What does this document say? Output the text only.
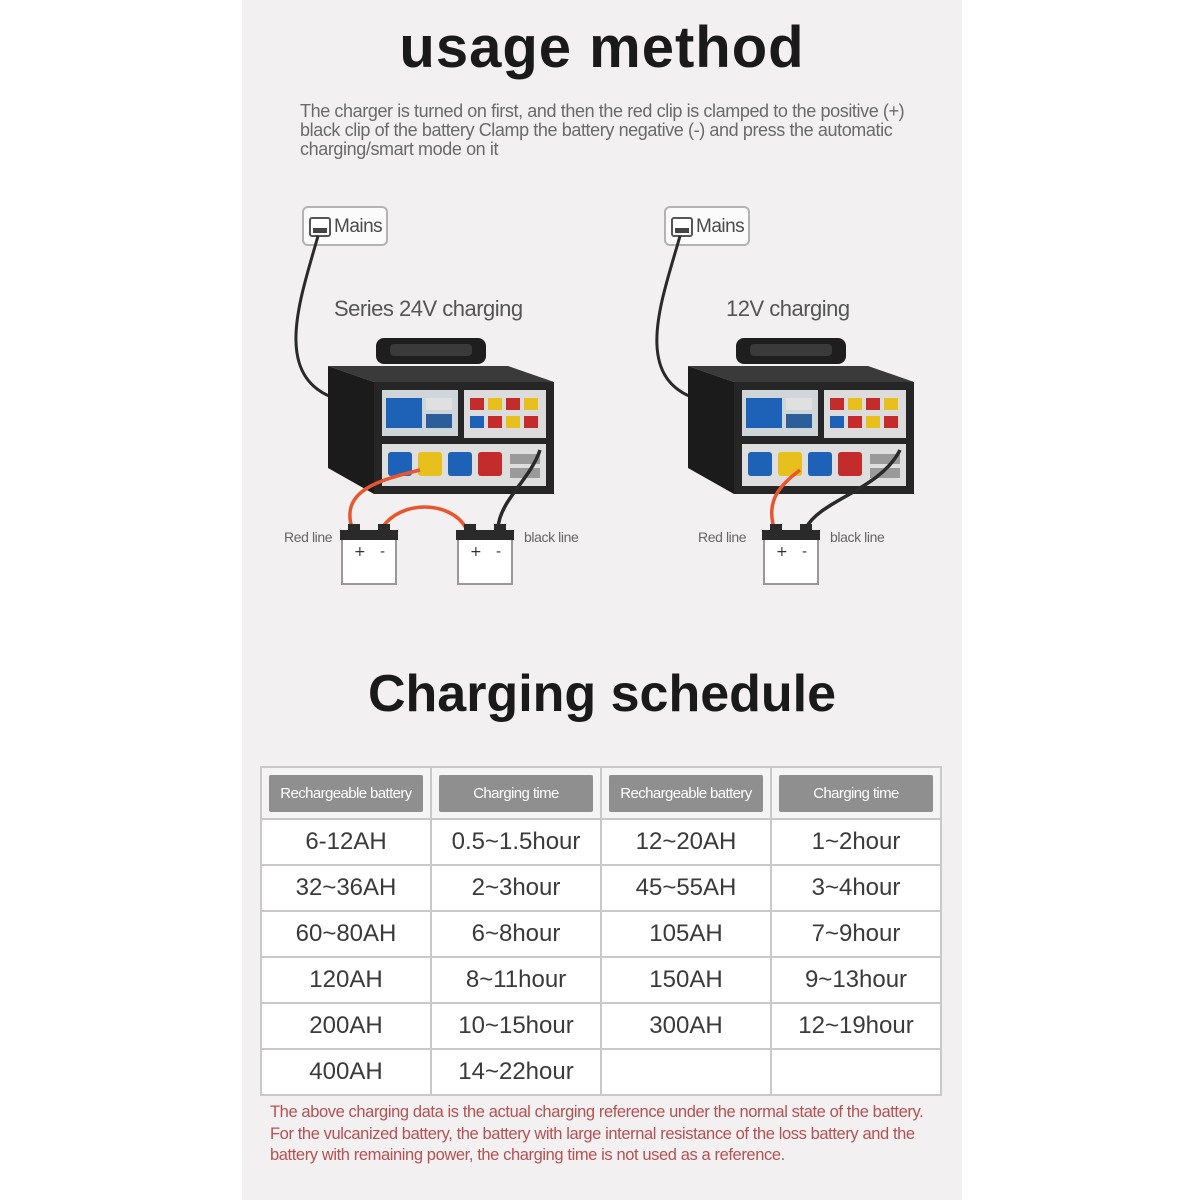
usage method
The charger is turned on first, and then the red clip is clamped to the positive (+) black clip of the battery Clamp the battery negative (-) and press the automatic charging/smart mode on it
Mains	Mains
Series 24V charging	12V charging
Red line	black line	Red line	black line
+	-
Charging schedule
Rechargeable battery	Charging time	Rechargeable battery	Charging time
6-12AH	0.5~1.5hour	12~20AH	1~2hour
32~36AH	2~3hour	45~55AH	3~4hour
60~80AH	6~8hour	105AH	7~9hour
120AH	8~11hour	150AH	9~13hour
200AH	10~15hour	300AH	12~19hour
400AH	14~22hour		
The above charging data is the actual charging reference under the normal state of the battery. For the vulcanized battery, the battery with large internal resistance of the loss battery and the battery with remaining power, the charging time is not used as a reference.
